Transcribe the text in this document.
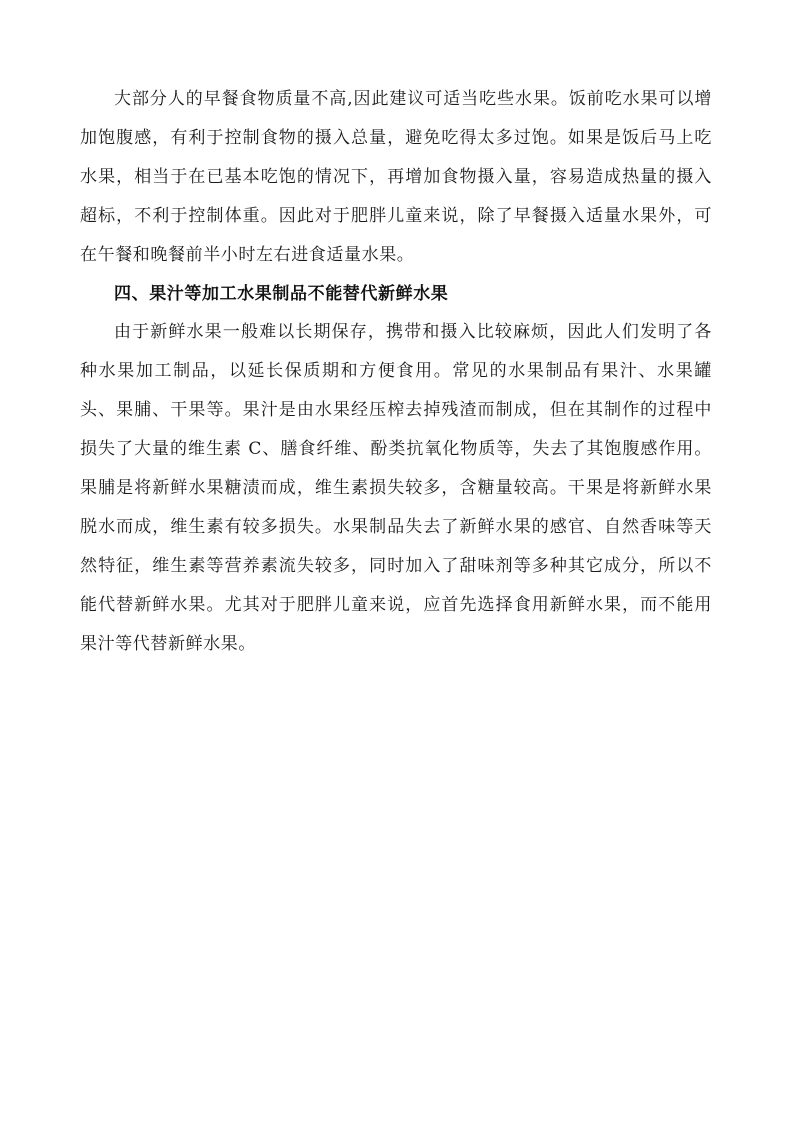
大部分人的早餐食物质量不高,因此建议可适当吃些水果。饭前吃水果可以增加饱腹感，有利于控制食物的摄入总量，避免吃得太多过饱。如果是饭后马上吃水果，相当于在已基本吃饱的情况下，再增加食物摄入量，容易造成热量的摄入超标，不利于控制体重。因此对于肥胖儿童来说，除了早餐摄入适量水果外，可在午餐和晚餐前半小时左右进食适量水果。

四、果汁等加工水果制品不能替代新鲜水果

由于新鲜水果一般难以长期保存，携带和摄入比较麻烦，因此人们发明了各种水果加工制品，以延长保质期和方便食用。常见的水果制品有果汁、水果罐头、果脯、干果等。果汁是由水果经压榨去掉残渣而制成，但在其制作的过程中损失了大量的维生素 C、膳食纤维、酚类抗氧化物质等，失去了其饱腹感作用。果脯是将新鲜水果糖渍而成，维生素损失较多，含糖量较高。干果是将新鲜水果脱水而成，维生素有较多损失。水果制品失去了新鲜水果的感官、自然香味等天然特征，维生素等营养素流失较多，同时加入了甜味剂等多种其它成分，所以不能代替新鲜水果。尤其对于肥胖儿童来说，应首先选择食用新鲜水果，而不能用果汁等代替新鲜水果。
